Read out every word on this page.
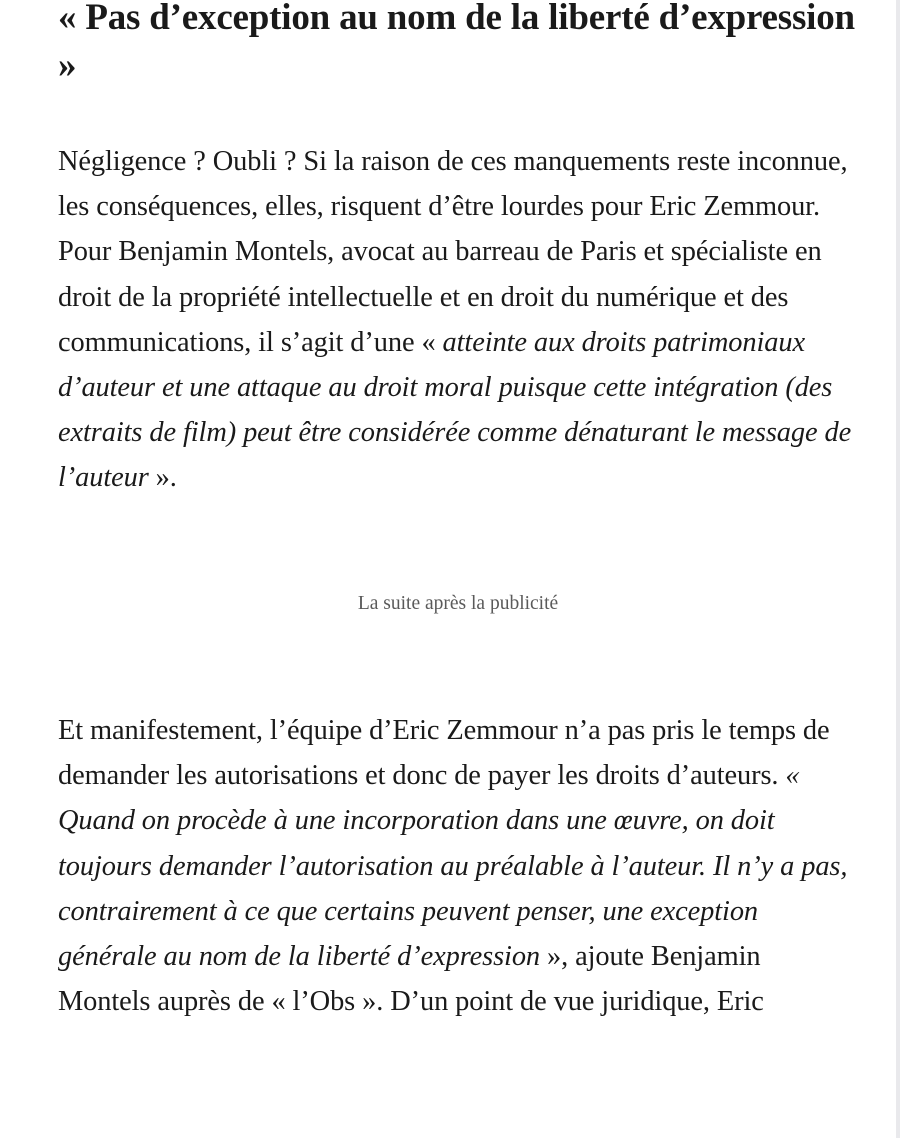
« Pas d’exception au nom de la liberté d’expression »

Négligence ? Oubli ? Si la raison de ces manquements reste inconnue, les conséquences, elles, risquent d’être lourdes pour Eric Zemmour. Pour Benjamin Montels, avocat au barreau de Paris et spécialiste en droit de la propriété intellectuelle et en droit du numérique et des communications, il s’agit d’une « atteinte aux droits patrimoniaux d’auteur et une attaque au droit moral puisque cette intégration (des extraits de film) peut être considérée comme dénaturant le message de l’auteur ».

La suite après la publicité

Et manifestement, l’équipe d’Eric Zemmour n’a pas pris le temps de demander les autorisations et donc de payer les droits d’auteurs. « Quand on procède à une incorporation dans une œuvre, on doit toujours demander l’autorisation au préalable à l’auteur. Il n’y a pas, contrairement à ce que certains peuvent penser, une exception générale au nom de la liberté d’expression », ajoute Benjamin Montels auprès de « l’Obs ». D’un point de vue juridique, Eric
